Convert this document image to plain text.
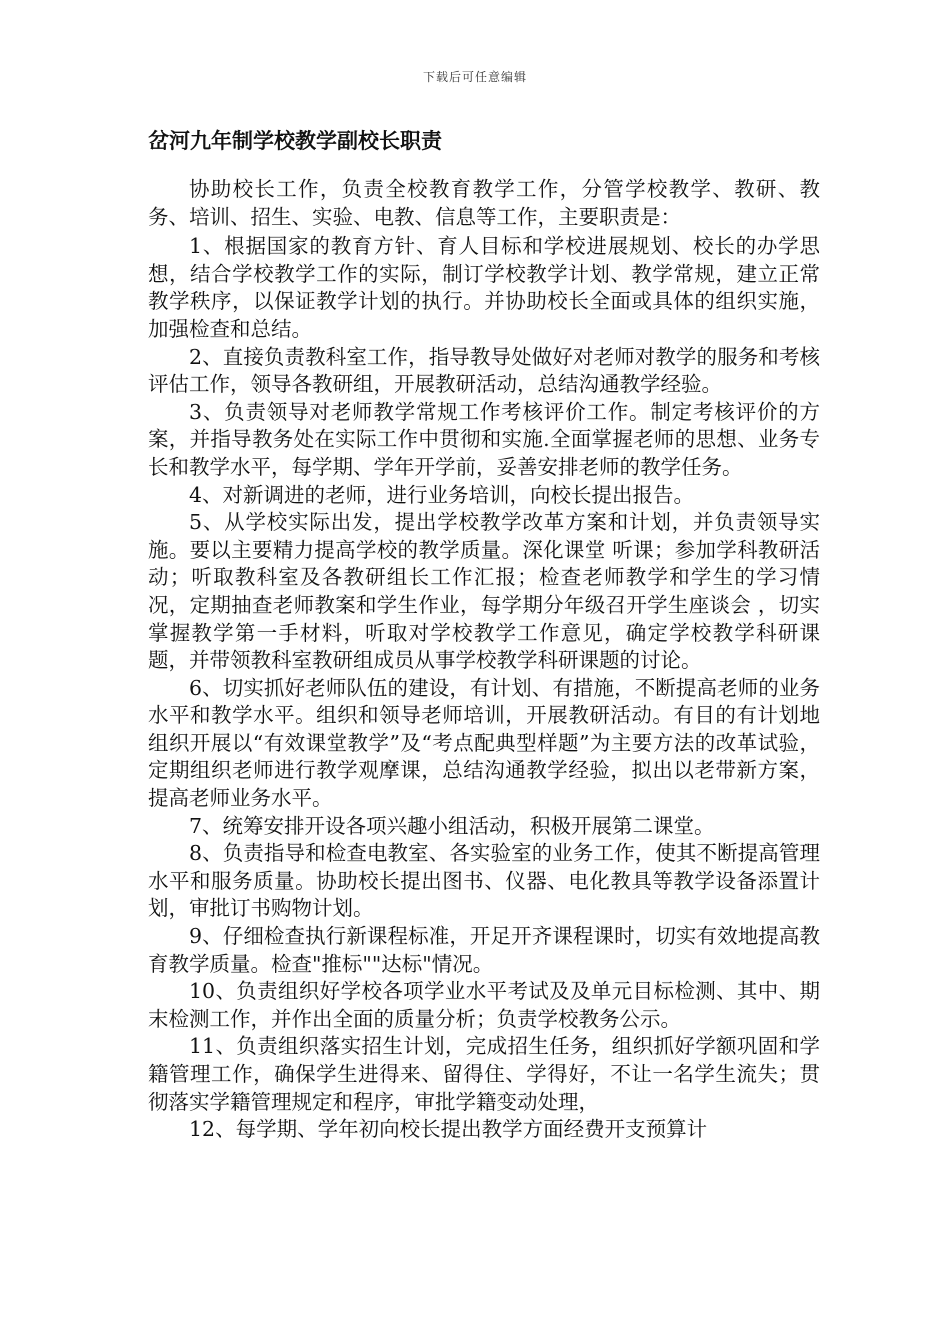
下载后可任意编辑
岔河九年制学校教学副校长职责

协助校长工作，负责全校教育教学工作，分管学校教学、教研、教务、培训、招生、实验、电教、信息等工作，主要职责是：

1、根据国家的教育方针、育人目标和学校进展规划、校长的办学思想，结合学校教学工作的实际，制订学校教学计划、教学常规，建立正常教学秩序，以保证教学计划的执行。并协助校长全面或具体的组织实施，加强检查和总结。

2、直接负责教科室工作，指导教导处做好对老师对教学的服务和考核评估工作，领导各教研组，开展教研活动，总结沟通教学经验。

3、负责领导对老师教学常规工作考核评价工作。制定考核评价的方案，并指导教务处在实际工作中贯彻和实施.全面掌握老师的思想、业务专长和教学水平，每学期、学年开学前，妥善安排老师的教学任务。

4、对新调进的老师，进行业务培训，向校长提出报告。

5、从学校实际出发，提出学校教学改革方案和计划，并负责领导实施。要以主要精力提高学校的教学质量。深化课堂 听课；参加学科教研活动；听取教科室及各教研组长工作汇报；检查老师教学和学生的学习情况，定期抽查老师教案和学生作业，每学期分年级召开学生座谈会 ，切实掌握教学第一手材料，听取对学校教学工作意见，确定学校教学科研课题，并带领教科室教研组成员从事学校教学科研课题的讨论。

6、切实抓好老师队伍的建设，有计划、有措施，不断提高老师的业务水平和教学水平。组织和领导老师培训，开展教研活动。有目的有计划地组织开展以“有效课堂教学”及“考点配典型样题”为主要方法的改革试验，定期组织老师进行教学观摩课，总结沟通教学经验，拟出以老带新方案，提高老师业务水平。

7、统筹安排开设各项兴趣小组活动，积极开展第二课堂。

8、负责指导和检查电教室、各实验室的业务工作，使其不断提高管理水平和服务质量。协助校长提出图书、仪器、电化教具等教学设备添置计划，审批订书购物计划。

9、仔细检查执行新课程标准，开足开齐课程课时，切实有效地提高教育教学质量。检查"推标""达标"情况。

10、负责组织好学校各项学业水平考试及及单元目标检测、其中、期末检测工作，并作出全面的质量分析；负责学校教务公示。

11、负责组织落实招生计划，完成招生任务，组织抓好学额巩固和学籍管理工作，确保学生进得来、留得住、学得好，不让一名学生流失；贯彻落实学籍管理规定和程序，审批学籍变动处理，

12、每学期、学年初向校长提出教学方面经费开支预算计
